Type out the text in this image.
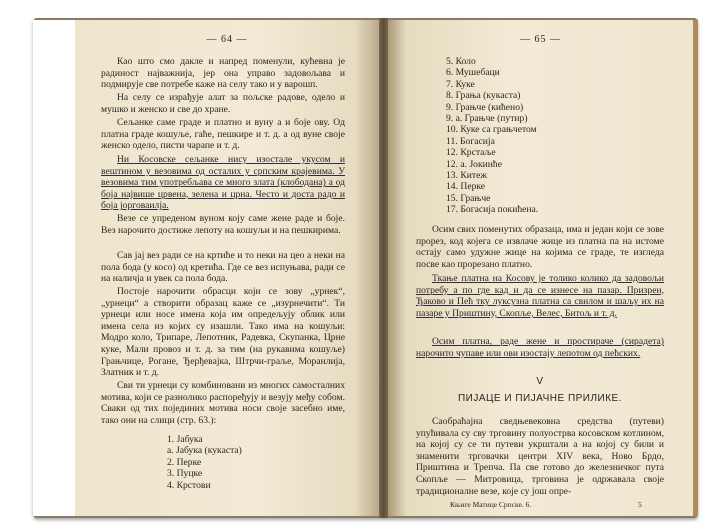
— 64 —
Као што смо дакле и напред поменули, кућевна је радиност најважнија, јер она управо задовољава и подмирује све потребе каже на селу тако и у варошп.
На селу се израђује алат за пољске радове, одело и мушко и женско и све до хране.
Сељанке саме граде и платно и вуну а и боје ову. Од платна граде кошуље, гаће, пешкире и т. д. а од вуне своје женско одело, пиcти чарапе и т. д.
Ни Косовске сељанке нису изостале укусом и вештином у везовима од осталих у српским крајевима. У везовима тим употребљава се много злата (клободана) а од боја највише црвена, зелена и црна. Често и доста радо и боја јорговаилја.
Везе се упреденом вуном коју саме жене раде и боје. Вез нарочито достиже лепоту на кошуљи и на пешкирима.
Сав јај вез ради се на кртиће и то неки на цео а неки на пола бода (у косо) од кретића. Где се вез испуњава, ради се на наличја и увек са пола бода.
Постоје нарочити обрасци који се зову „урнек“, „урнеци“ а створити образац каже се „изурнечити“. Ти урнеци или носе имена која им опредељују облик или имена села из којих су изашли. Тако има на кошуљи: Модро коло, Трипаре, Лепотник, Радевка, Скупанка, Црне куке, Мали провоз и т. д. за тим (на рукавима кошуље) Грањчице, Рогане, Ђерђевајка, Штрчи-граље, Моранлија, Златник и т. д.
Сви ти урнеци су комбиновани из многих самосталних мотива, који се разноликo распоређују и везују међу собом. Сваки од тих појединих мотива носи своје засебно име, тако они на слици (стр. 63.):
1. Јабука
а. Јабука (кукаста)
2. Перке
3. Пуцке
4. Крстови
— 65 —
5. Коло
6. Мушебаци
7. Куке
8. Грања (кукаста)
9. Грањче (кићено)
9. а. Грањче (путир)
10. Куке са грањчетом
11. Богасија
12. Крстаље
12. а. Јокинће
13. Китеж
14. Перке
15. Грањче
17. Богасија покићена.
Осим свих поменутих образаца, има и један који се зове прорез, код којега се извлаче жице из платна па на истоме остају само удужне жице на којима се граде, те изгледа посве као прорезано платно.
Ткање платна на Косову је толико колико да задовољи потребу а по где кад и да се изнесе на пазар. Призрен, Ђаково и Пећ тку луксузна платна са свилом и шаљу их на пазаре у Приштину, Скопље, Велес, Битољ и т. д.
Осим платна, раде жене и простираче (сирадета) нарочито чупаве или ови изостају лепотом од пећских.
V
ПИЈАЦЕ И ПИЈАЧНЕ ПРИЛИКЕ.
Саобраћајна сведњевековна средства (путеви) упућивала су сву трговину полуострва косовском котлином, на којој су се ти путеви укрштали а на којој су били и знаменити трговачки центри XIV века, Ново Брдо, Приштина и Трепча. Па све готово до железничког пута Скопље — Митровица, трговина је одржавала своје традиционалне везе, које су још опре-
Књиге Матице Српске. 6.	5
